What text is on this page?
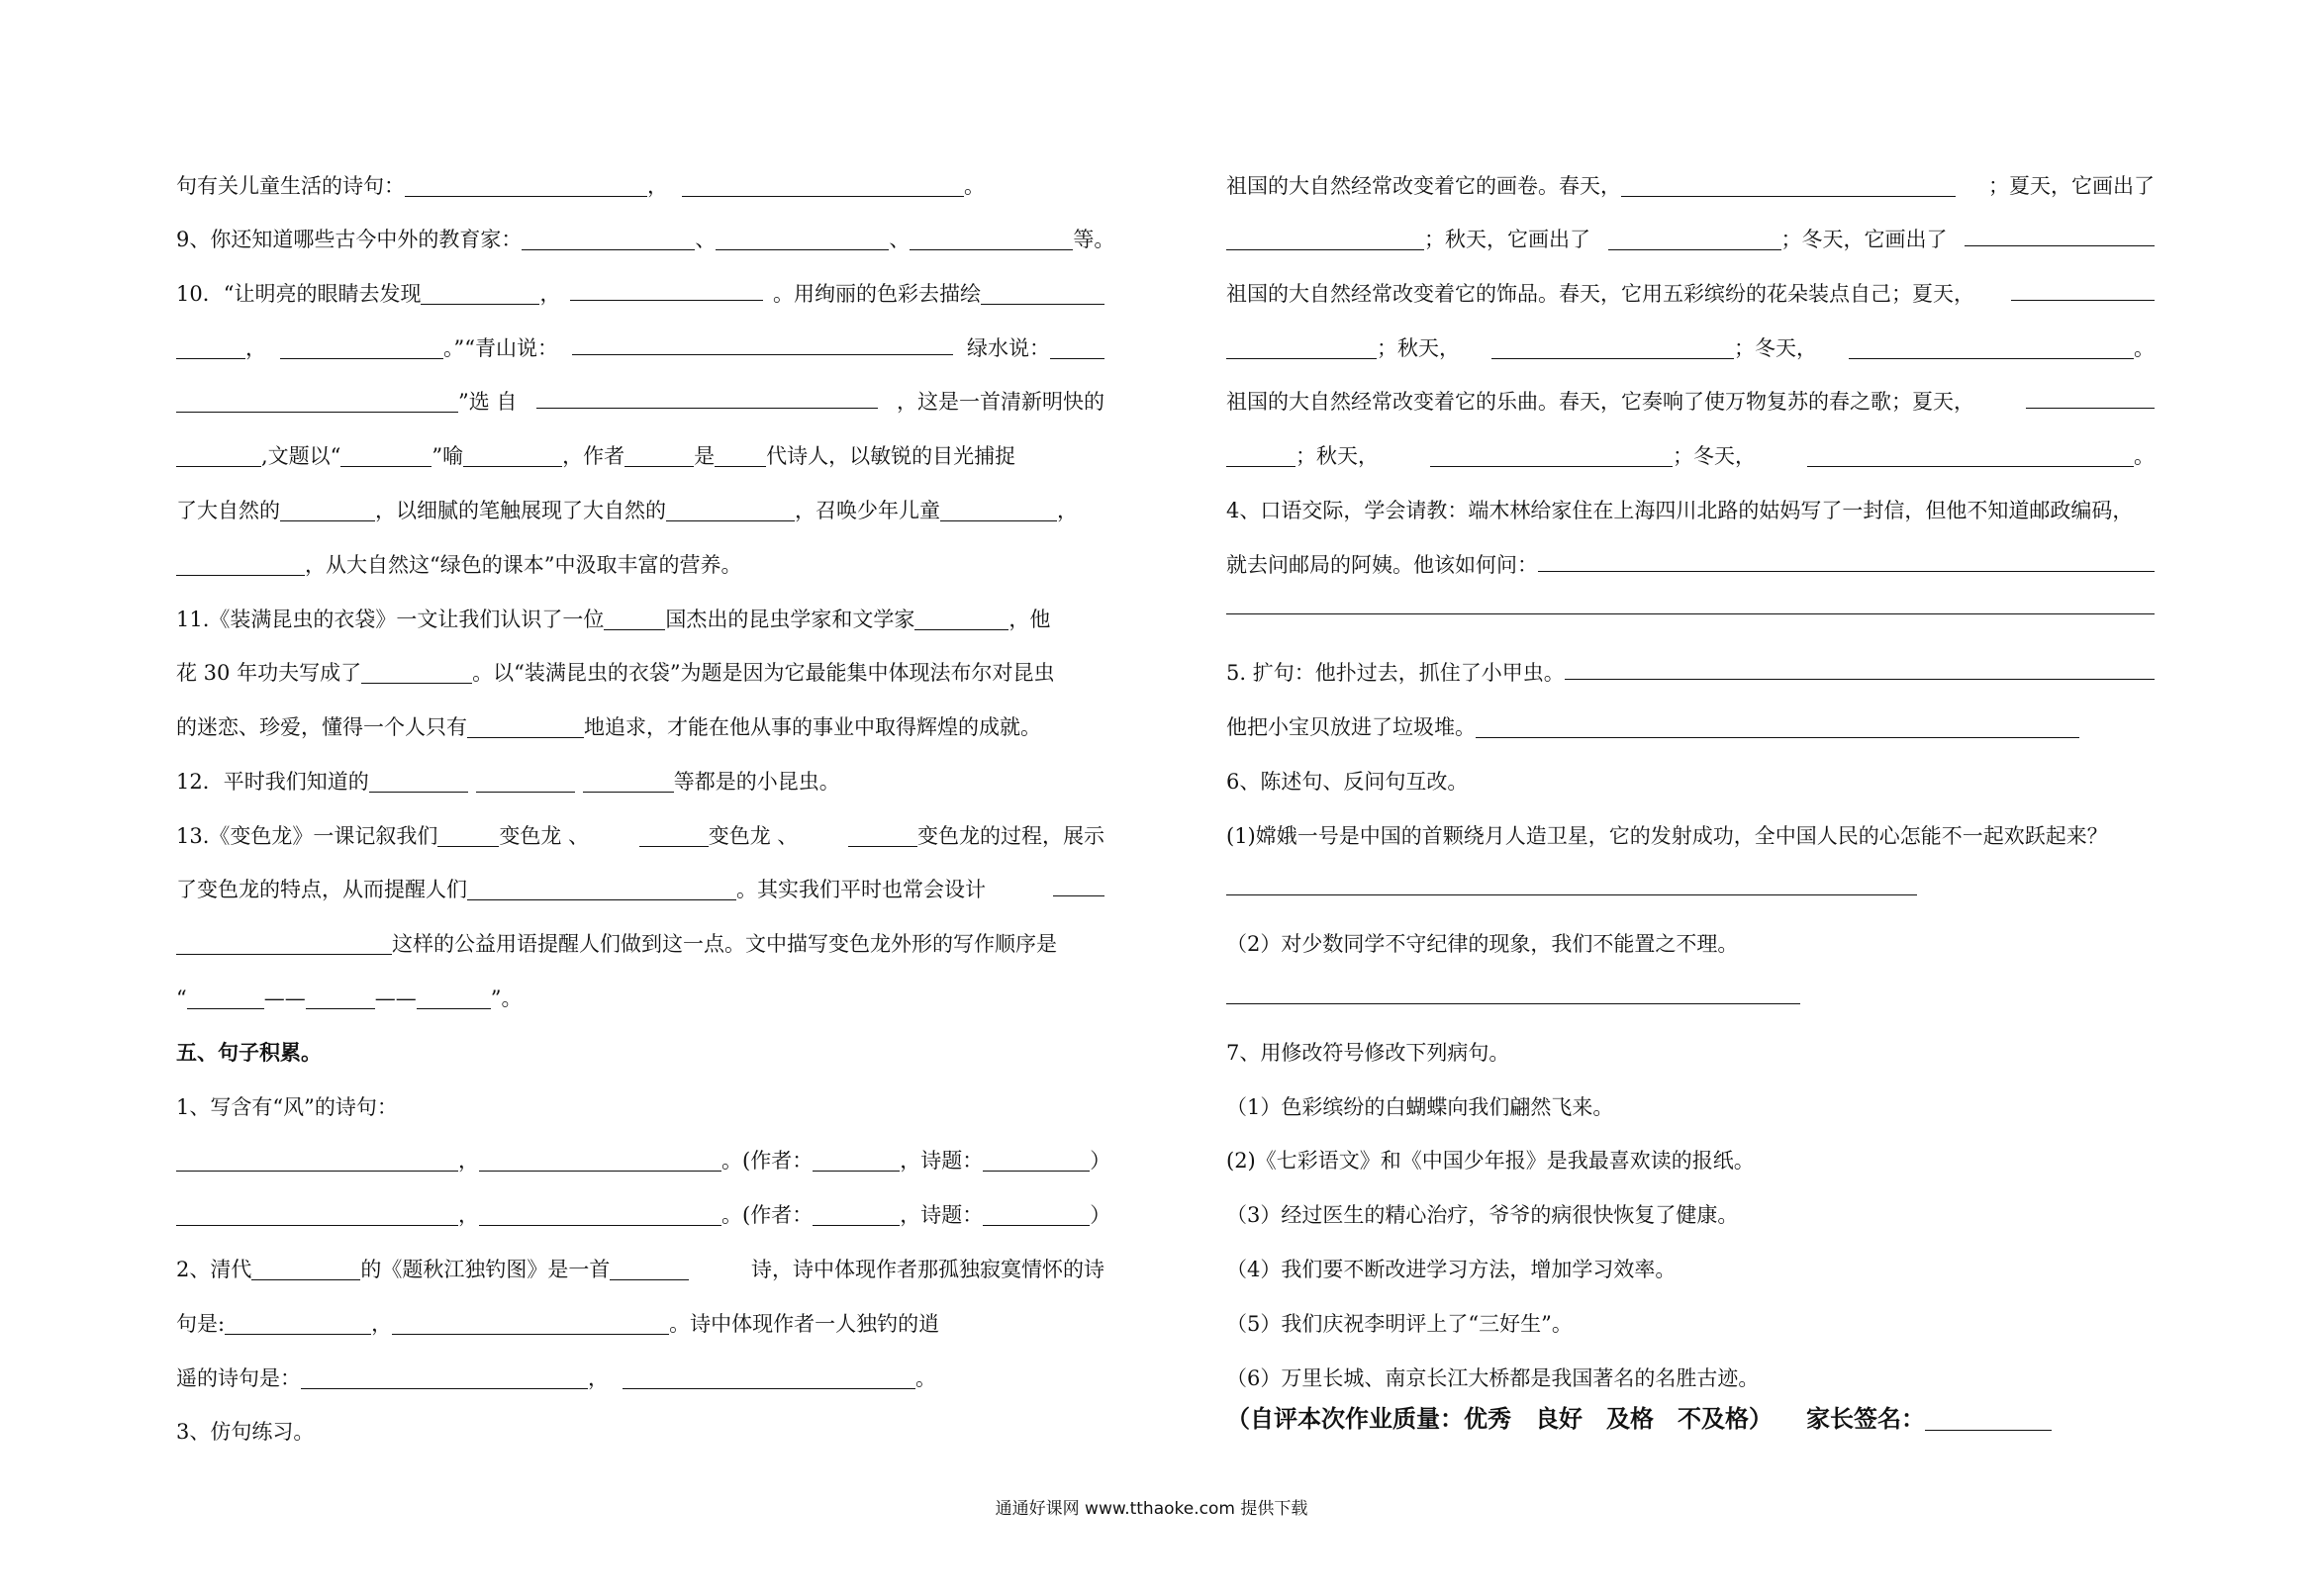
句有关儿童生活的诗句：	，	。
9、你还知道哪些古今中外的教育家：	、	、	等。
10．“让明亮的眼睛去发现	，	。用绚丽的色彩去描绘
，	。”“青山说：	绿水说：
”选 自	，这是一首清新明快的
,文题以“	”喻	，作者	是 代诗人，以敏锐的目光捕捉
了大自然的	，以细腻的笔触展现了大自然的	，召唤少年儿童	，
，从大自然这“绿色的课本”中汲取丰富的营养。
11.《装满昆虫的衣袋》一文让我们认识了一位	国杰出的昆虫学家和文学家	，他
花 30 年功夫写成了	。以“装满昆虫的衣袋”为题是因为它最能集中体现法布尔对昆虫
的迷恋、珍爱，懂得一个人只有	地追求，才能在他从事的事业中取得辉煌的成就。
12．平时我们知道的	等都是的小昆虫。
13.《变色龙》一课记叙我们	变色龙 、	变色龙 、	变色龙的过程，展示
了变色龙的特点，从而提醒人们	。其实我们平时也常会设计
这样的公益用语提醒人们做到这一点。文中描写变色龙外形的写作顺序是
“	——	——	”。
五、句子积累。
1、写含有“风”的诗句：
，	。(作者：	，诗题：	）
，	。(作者：	，诗题：	）
2、清代	的《题秋江独钓图》是一首	诗，诗中体现作者那孤独寂寞情怀的诗
句是:	，	。诗中体现作者一人独钓的逍
遥的诗句是：	，	。
3、仿句练习。
祖国的大自然经常改变着它的画卷。春天，	；夏天，它画出了
；秋天，它画出了	；冬天，它画出了
祖国的大自然经常改变着它的饰品。春天，它用五彩缤纷的花朵装点自己；夏天，
；秋天，	；冬天，	。
祖国的大自然经常改变着它的乐曲。春天，它奏响了使万物复苏的春之歌；夏天，
；秋天，	；冬天，	。
4、口语交际，学会请教：端木林给家住在上海四川北路的姑妈写了一封信，但他不知道邮政编码，
就去问邮局的阿姨。他该如何问：
5. 扩句：他扑过去，抓住了小甲虫。
他把小宝贝放进了垃圾堆。
6、陈述句、反问句互改。
(1)嫦娥一号是中国的首颗绕月人造卫星，它的发射成功，全中国人民的心怎能不一起欢跃起来？
（2）对少数同学不守纪律的现象，我们不能置之不理。
7、用修改符号修改下列病句。
（1）色彩缤纷的白蝴蝶向我们翩然飞来。
(2)《七彩语文》和《中国少年报》是我最喜欢读的报纸。
（3）经过医生的精心治疗，爷爷的病很快恢复了健康。
（4）我们要不断改进学习方法，增加学习效率。
（5）我们庆祝李明评上了“三好生”。
（6）万里长城、南京长江大桥都是我国著名的名胜古迹。
（自评本次作业质量：优秀 良好 及格 不及格） 家长签名：
通通好课网 www.tthaoke.com 提供下载
